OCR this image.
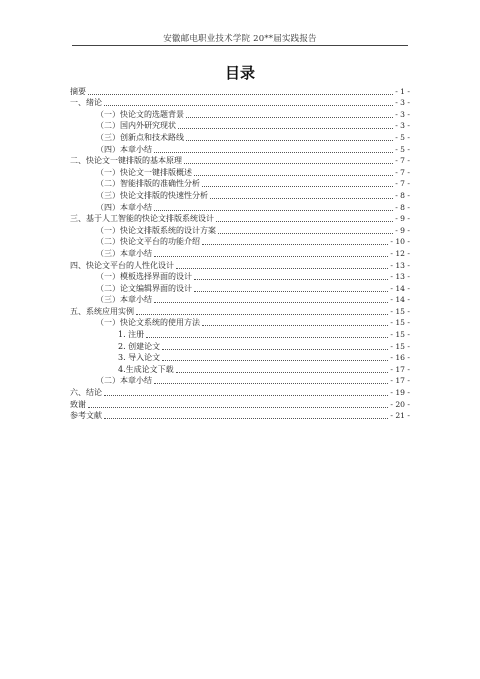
安徽邮电职业技术学院 20**届实践报告
目录
摘要	- 1 -
一、绪论	- 3 -
（一）快论文的选题背景	- 3 -
（二）国内外研究现状	- 3 -
（三）创新点和技术路线	- 5 -
（四）本章小结	- 5 -
二、快论文一键排版的基本原理	- 7 -
（一）快论文一键排版概述	- 7 -
（二）智能排版的准确性分析	- 7 -
（三）快论文排版的快速性分析	- 8 -
（四）本章小结	- 8 -
三、基于人工智能的快论文排版系统设计	- 9 -
（一）快论文排版系统的设计方案	- 9 -
（二）快论文平台的功能介绍	- 10 -
（三）本章小结	- 12 -
四、快论文平台的人性化设计	- 13 -
（一）模板选择界面的设计	- 13 -
（二）论文编辑界面的设计	- 14 -
（三）本章小结	- 14 -
五、系统应用实例	- 15 -
（一）快论文系统的使用方法	- 15 -
1. 注册	- 15 -
2. 创建论文	- 15 -
3. 导入论文	- 16 -
4.生成论文下载	- 17 -
（二）本章小结	- 17 -
六、结论	- 19 -
致谢	- 20 -
参考文献	- 21 -
